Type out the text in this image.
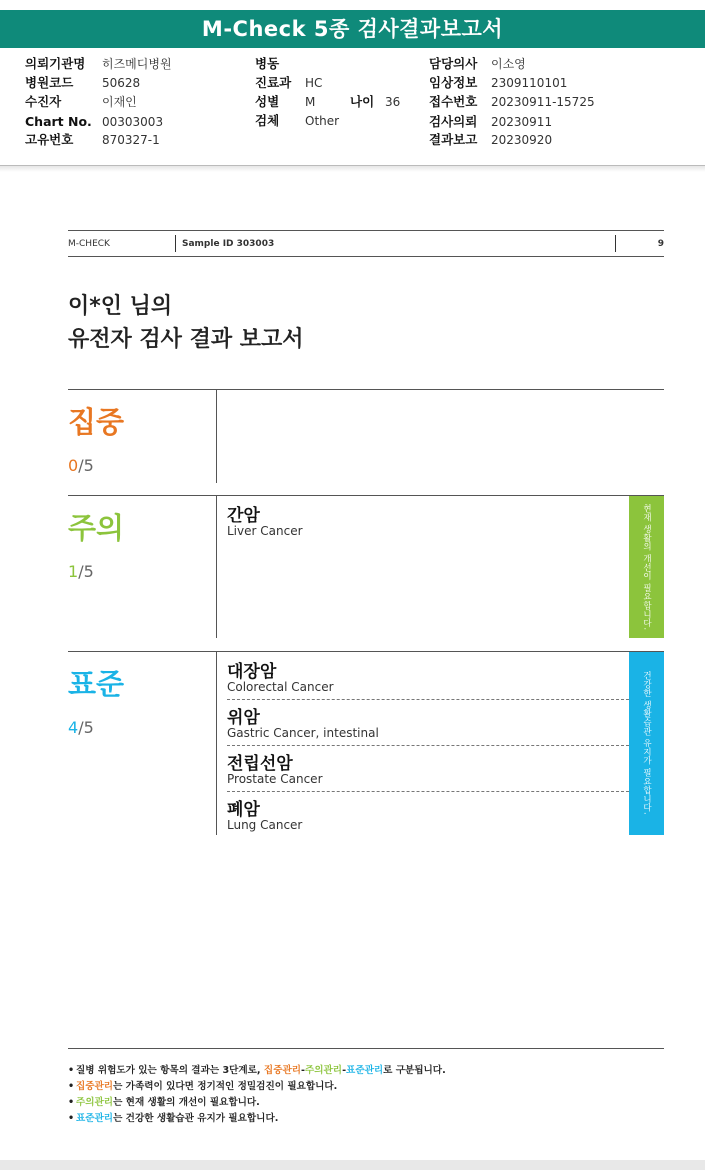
M-Check 5종 검사결과보고서
의뢰기관명 히즈메디병원
병원코드 50628
수진자	이재인
Chart No. 00303003
고유번호 870327-1
병동
진료과 HC
성별 M	나이 36
검체 Other
담당의사 이소영
임상정보 2309110101
접수번호 20230911-15725
검사의뢰 20230911
결과보고 20230920
M-CHECK	Sample ID 303003	9
이*인 님의
유전자 검사 결과 보고서
집중
0/5
주의
1/5
간암
Liver Cancer	현재 생활의 개선이 필요합니다.
표준
4/5
대장암
Colorectal Cancer
위암
Gastric Cancer, intestinal
전립선암
Prostate Cancer
폐암
Lung Cancer
건강한 생활습관 유지가 필요합니다.
• 질병 위험도가 있는 항목의 결과는 3단계로, 집중관리-주의관리-표준관리로 구분됩니다.
• 집중관리는 가족력이 있다면 정기적인 정밀검진이 필요합니다.
• 주의관리는 현재 생활의 개선이 필요합니다.
• 표준관리는 건강한 생활습관 유지가 필요합니다.
